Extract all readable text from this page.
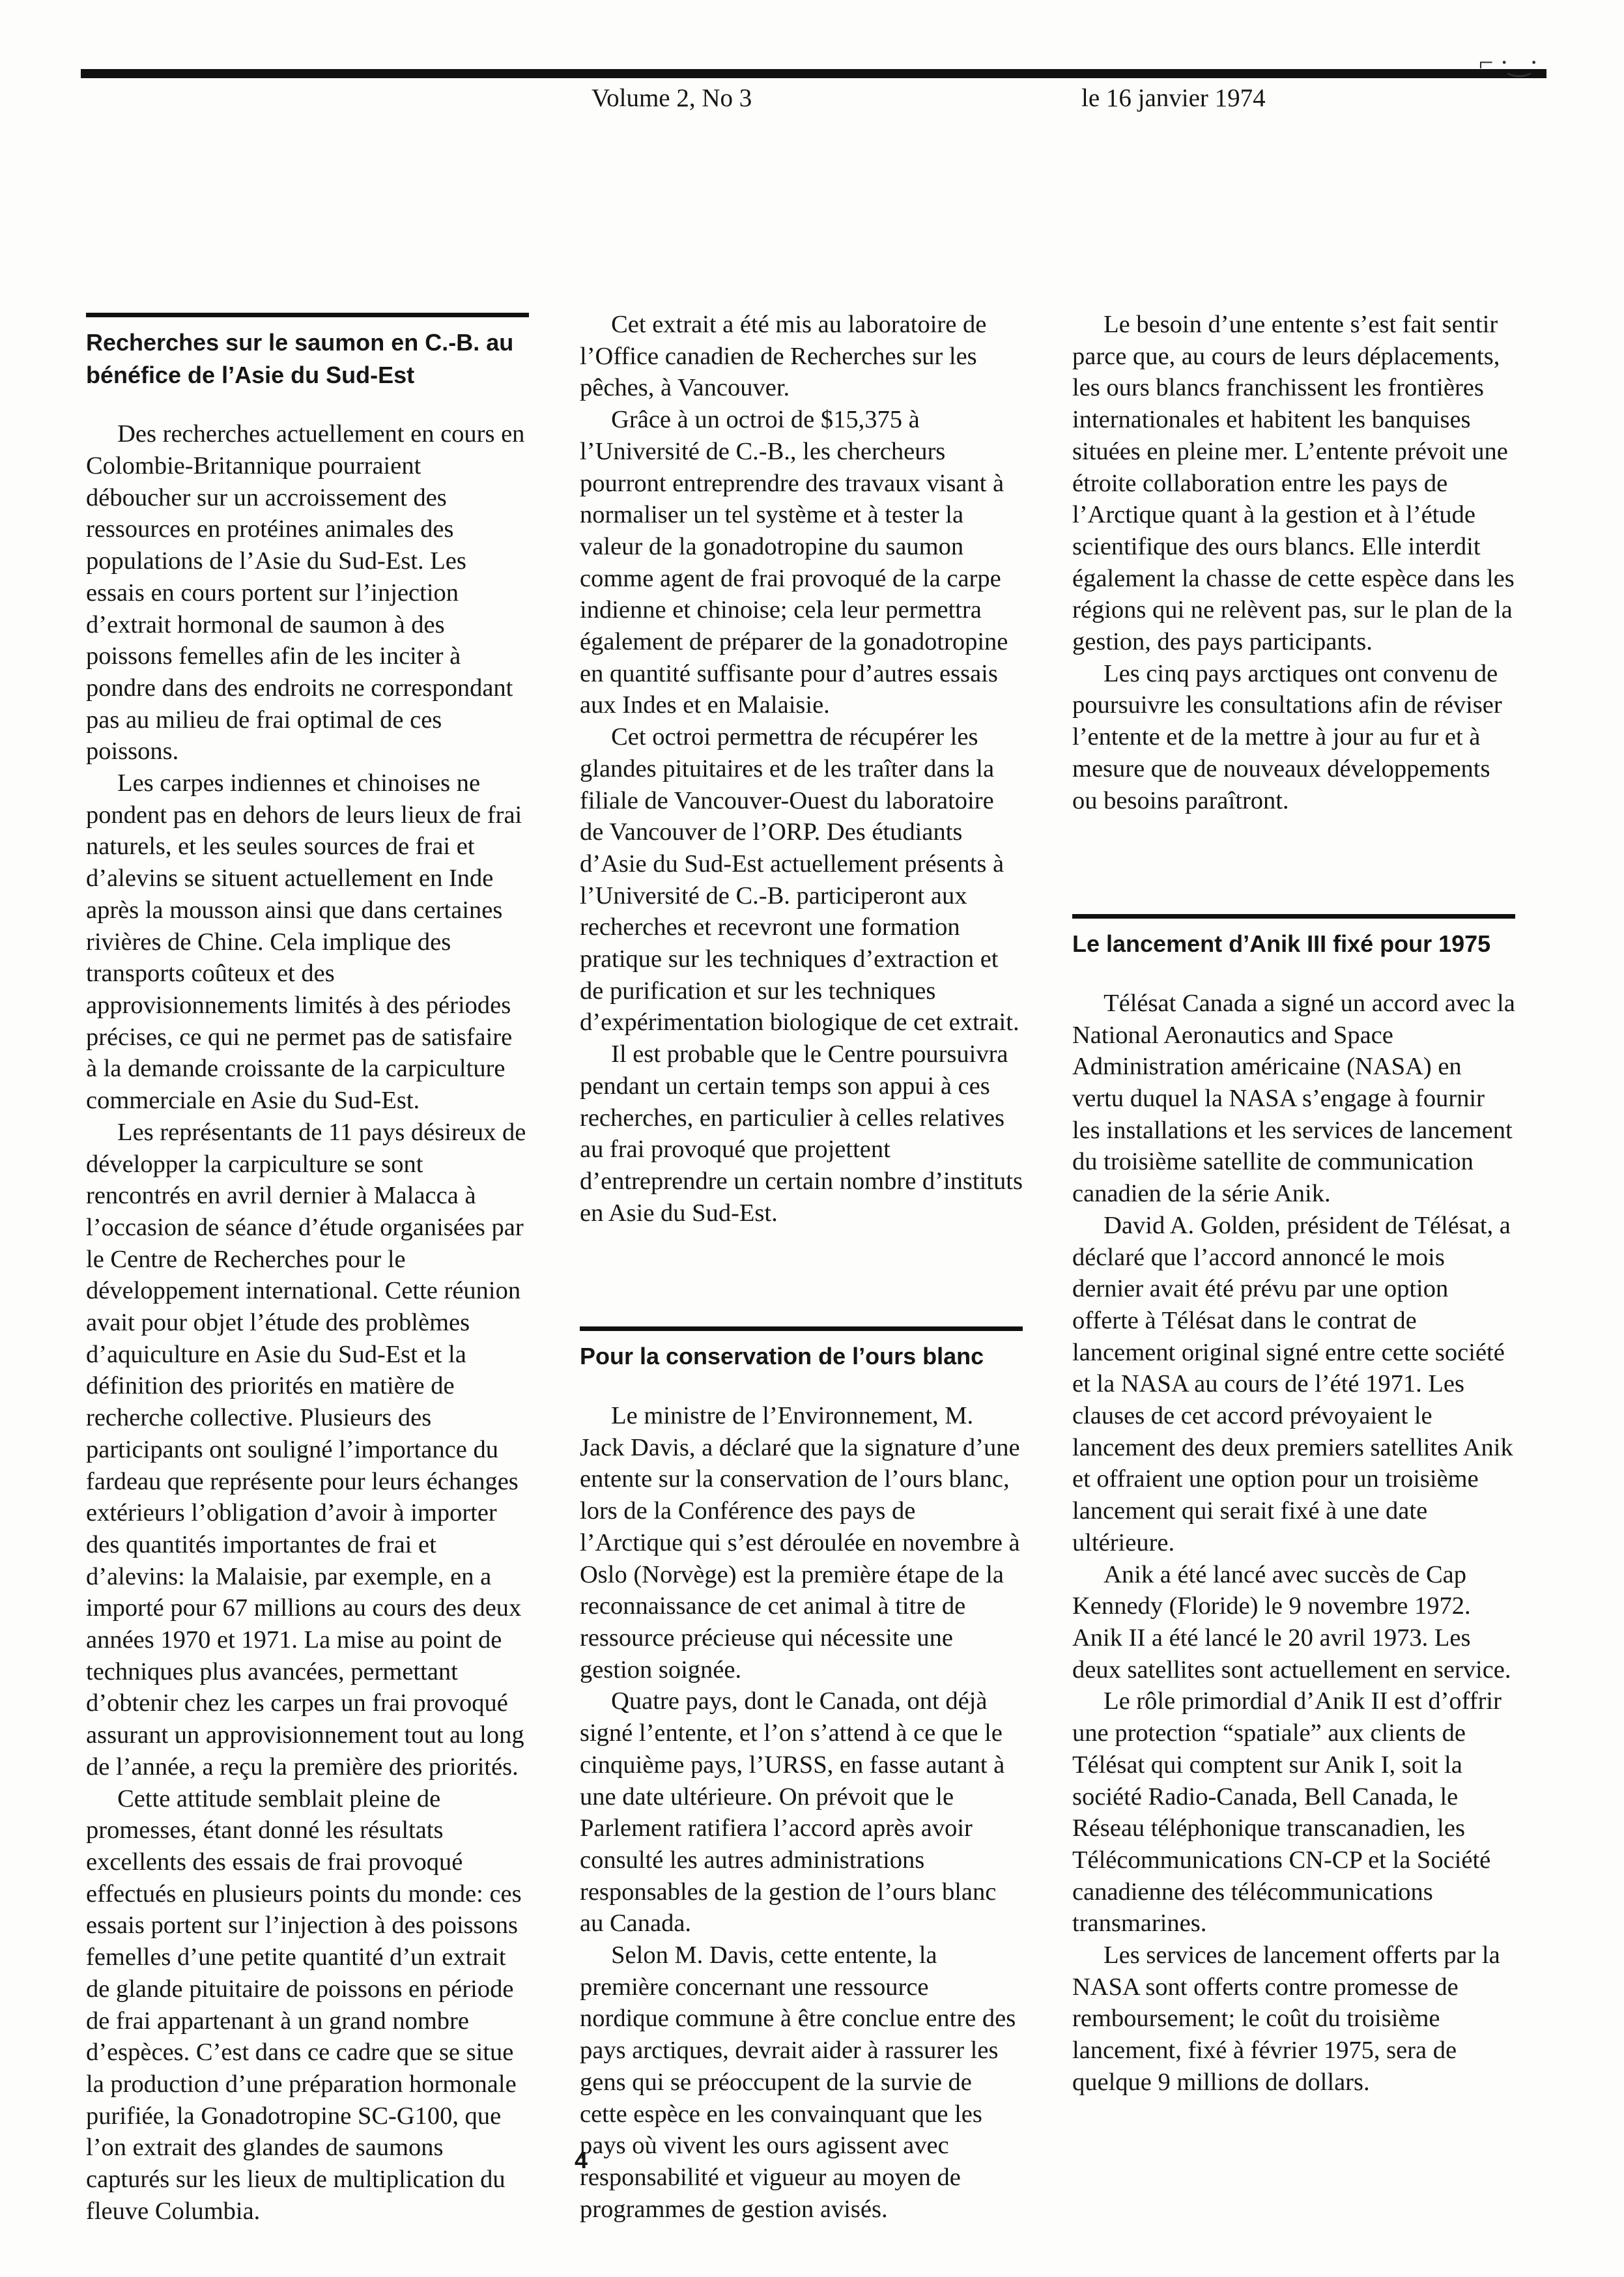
⌐ ·‿·
Volume 2, No 3	le 16 janvier 1974
Recherches sur le saumon en C.-B. au bénéfice de l’Asie du Sud-Est

Des recherches actuellement en cours en Colombie-Britannique pourraient déboucher sur un accroissement des ressources en protéines animales des populations de l’Asie du Sud-Est. Les essais en cours portent sur l’injection d’extrait hormonal de saumon à des poissons femelles afin de les inciter à pondre dans des endroits ne correspondant pas au milieu de frai optimal de ces poissons.

Les carpes indiennes et chinoises ne pondent pas en dehors de leurs lieux de frai naturels, et les seules sources de frai et d’alevins se situent actuellement en Inde après la mousson ainsi que dans certaines rivières de Chine. Cela implique des transports coûteux et des approvisionnements limités à des périodes précises, ce qui ne permet pas de satisfaire à la demande croissante de la carpiculture commerciale en Asie du Sud-Est.

Les représentants de 11 pays désireux de développer la carpiculture se sont rencontrés en avril dernier à Malacca à l’occasion de séance d’étude organisées par le Centre de Recherches pour le développement international. Cette réunion avait pour objet l’étude des problèmes d’aquiculture en Asie du Sud-Est et la définition des priorités en matière de recherche collective. Plusieurs des participants ont souligné l’importance du fardeau que représente pour leurs échanges extérieurs l’obligation d’avoir à importer des quantités importantes de frai et d’alevins: la Malaisie, par exemple, en a importé pour 67 millions au cours des deux années 1970 et 1971. La mise au point de techniques plus avancées, permettant d’obtenir chez les carpes un frai provoqué assurant un approvisionnement tout au long de l’année, a reçu la première des priorités.

Cette attitude semblait pleine de promesses, étant donné les résultats excellents des essais de frai provoqué effectués en plusieurs points du monde: ces essais portent sur l’injection à des poissons femelles d’une petite quantité d’un extrait de glande pituitaire de poissons en période de frai appartenant à un grand nombre d’espèces. C’est dans ce cadre que se situe la production d’une préparation hormonale purifiée, la Gonadotropine SC-G100, que l’on extrait des glandes de saumons capturés sur les lieux de multiplication du fleuve Columbia.

Cet extrait a été mis au laboratoire de l’Office canadien de Recherches sur les pêches, à Vancouver.

Grâce à un octroi de $15,375 à l’Université de C.-B., les chercheurs pourront entreprendre des travaux visant à normaliser un tel système et à tester la valeur de la gonadotropine du saumon comme agent de frai provoqué de la carpe indienne et chinoise; cela leur permettra également de préparer de la gonadotropine en quantité suffisante pour d’autres essais aux Indes et en Malaisie.

Cet octroi permettra de récupérer les glandes pituitaires et de les traîter dans la filiale de Vancouver-Ouest du laboratoire de Vancouver de l’ORP. Des étudiants d’Asie du Sud-Est actuellement présents à l’Université de C.-B. participeront aux recherches et recevront une formation pratique sur les techniques d’extraction et de purification et sur les techniques d’expérimentation biologique de cet extrait.

Il est probable que le Centre poursuivra pendant un certain temps son appui à ces recherches, en particulier à celles relatives au frai provoqué que projettent d’entreprendre un certain nombre d’instituts en Asie du Sud-Est.

Pour la conservation de l’ours blanc

Le ministre de l’Environnement, M. Jack Davis, a déclaré que la signature d’une entente sur la conservation de l’ours blanc, lors de la Conférence des pays de l’Arctique qui s’est déroulée en novembre à Oslo (Norvège) est la première étape de la reconnaissance de cet animal à titre de ressource précieuse qui nécessite une gestion soignée.

Quatre pays, dont le Canada, ont déjà signé l’entente, et l’on s’attend à ce que le cinquième pays, l’URSS, en fasse autant à une date ultérieure. On prévoit que le Parlement ratifiera l’accord après avoir consulté les autres administrations responsables de la gestion de l’ours blanc au Canada.

Selon M. Davis, cette entente, la première concernant une ressource nordique commune à être conclue entre des pays arctiques, devrait aider à rassurer les gens qui se préoccupent de la survie de cette espèce en les convainquant que les pays où vivent les ours agissent avec responsabilité et vigueur au moyen de programmes de gestion avisés.

Le besoin d’une entente s’est fait sentir parce que, au cours de leurs déplacements, les ours blancs franchissent les frontières internationales et habitent les banquises situées en pleine mer. L’entente prévoit une étroite collaboration entre les pays de l’Arctique quant à la gestion et à l’étude scientifique des ours blancs. Elle interdit également la chasse de cette espèce dans les régions qui ne relèvent pas, sur le plan de la gestion, des pays participants.

Les cinq pays arctiques ont convenu de poursuivre les consultations afin de réviser l’entente et de la mettre à jour au fur et à mesure que de nouveaux développements ou besoins paraîtront.

Le lancement d’Anik III fixé pour 1975

Télésat Canada a signé un accord avec la National Aeronautics and Space Administration américaine (NASA) en vertu duquel la NASA s’engage à fournir les installations et les services de lancement du troisième satellite de communication canadien de la série Anik.

David A. Golden, président de Télésat, a déclaré que l’accord annoncé le mois dernier avait été prévu par une option offerte à Télésat dans le contrat de lancement original signé entre cette société et la NASA au cours de l’été 1971. Les clauses de cet accord prévoyaient le lancement des deux premiers satellites Anik et offraient une option pour un troisième lancement qui serait fixé à une date ultérieure.

Anik a été lancé avec succès de Cap Kennedy (Floride) le 9 novembre 1972. Anik II a été lancé le 20 avril 1973. Les deux satellites sont actuellement en service.

Le rôle primordial d’Anik II est d’offrir une protection “spatiale” aux clients de Télésat qui comptent sur Anik I, soit la société Radio-Canada, Bell Canada, le Réseau téléphonique transcanadien, les Télécommunications CN-CP et la Société canadienne des télécommunications transmarines.

Les services de lancement offerts par la NASA sont offerts contre promesse de remboursement; le coût du troisième lancement, fixé à février 1975, sera de quelque 9 millions de dollars.

4
